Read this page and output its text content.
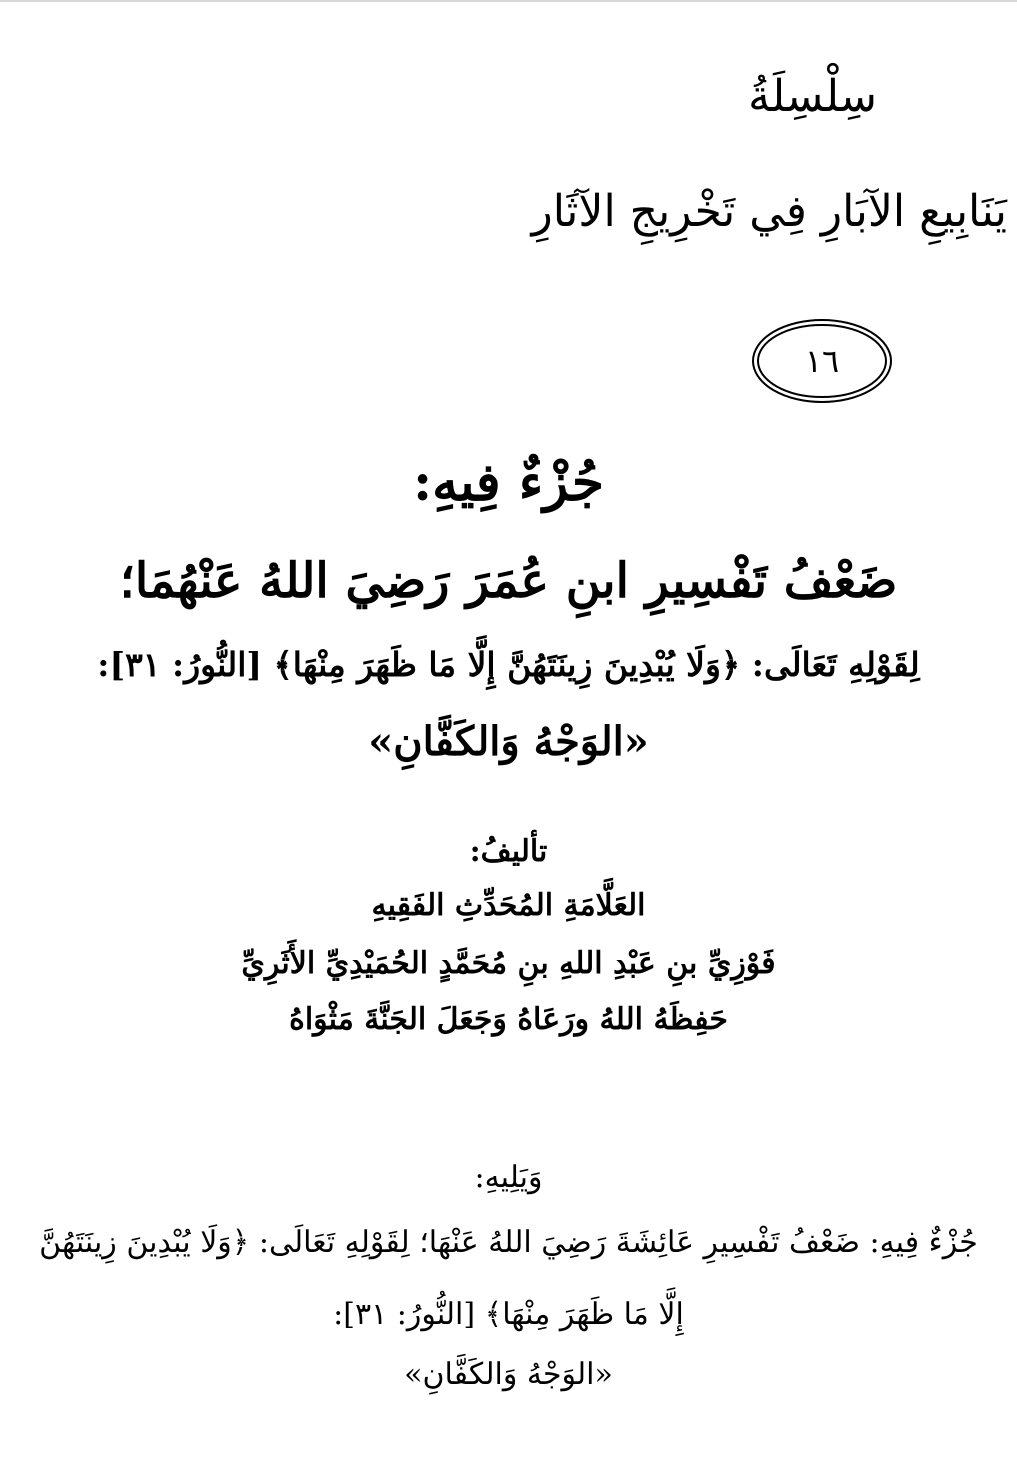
سِلْسِلَةُ
يَنَابِيعِ الآبَارِ فِي تَخْرِيجِ الآثَارِ
١٦
جُزْءٌ فِيهِ:
ضَعْفُ تَفْسِيرِ ابنِ عُمَرَ رَضِيَ اللهُ عَنْهُمَا؛
لِقَوْلِهِ تَعَالَى: ﴿وَلَا يُبْدِينَ زِينَتَهُنَّ إِلَّا مَا ظَهَرَ مِنْهَا﴾ [النُّورُ: ٣١]:
«الوَجْهُ وَالكَفَّانِ»
تأليفُ:
العَلَّامَةِ المُحَدِّثِ الفَقِيهِ
فَوْزِيِّ بنِ عَبْدِ اللهِ بنِ مُحَمَّدٍ الحُمَيْدِيِّ الأَثَرِيِّ
حَفِظَهُ اللهُ ورَعَاهُ وَجَعَلَ الجَنَّةَ مَثْوَاهُ
وَيَلِيهِ:
جُزْءٌ فِيهِ: ضَعْفُ تَفْسِيرِ عَائِشَةَ رَضِيَ اللهُ عَنْهَا؛ لِقَوْلِهِ تَعَالَى: ﴿وَلَا يُبْدِينَ زِينَتَهُنَّ
إِلَّا مَا ظَهَرَ مِنْهَا﴾ [النُّورُ: ٣١]:
«الوَجْهُ وَالكَفَّانِ»
